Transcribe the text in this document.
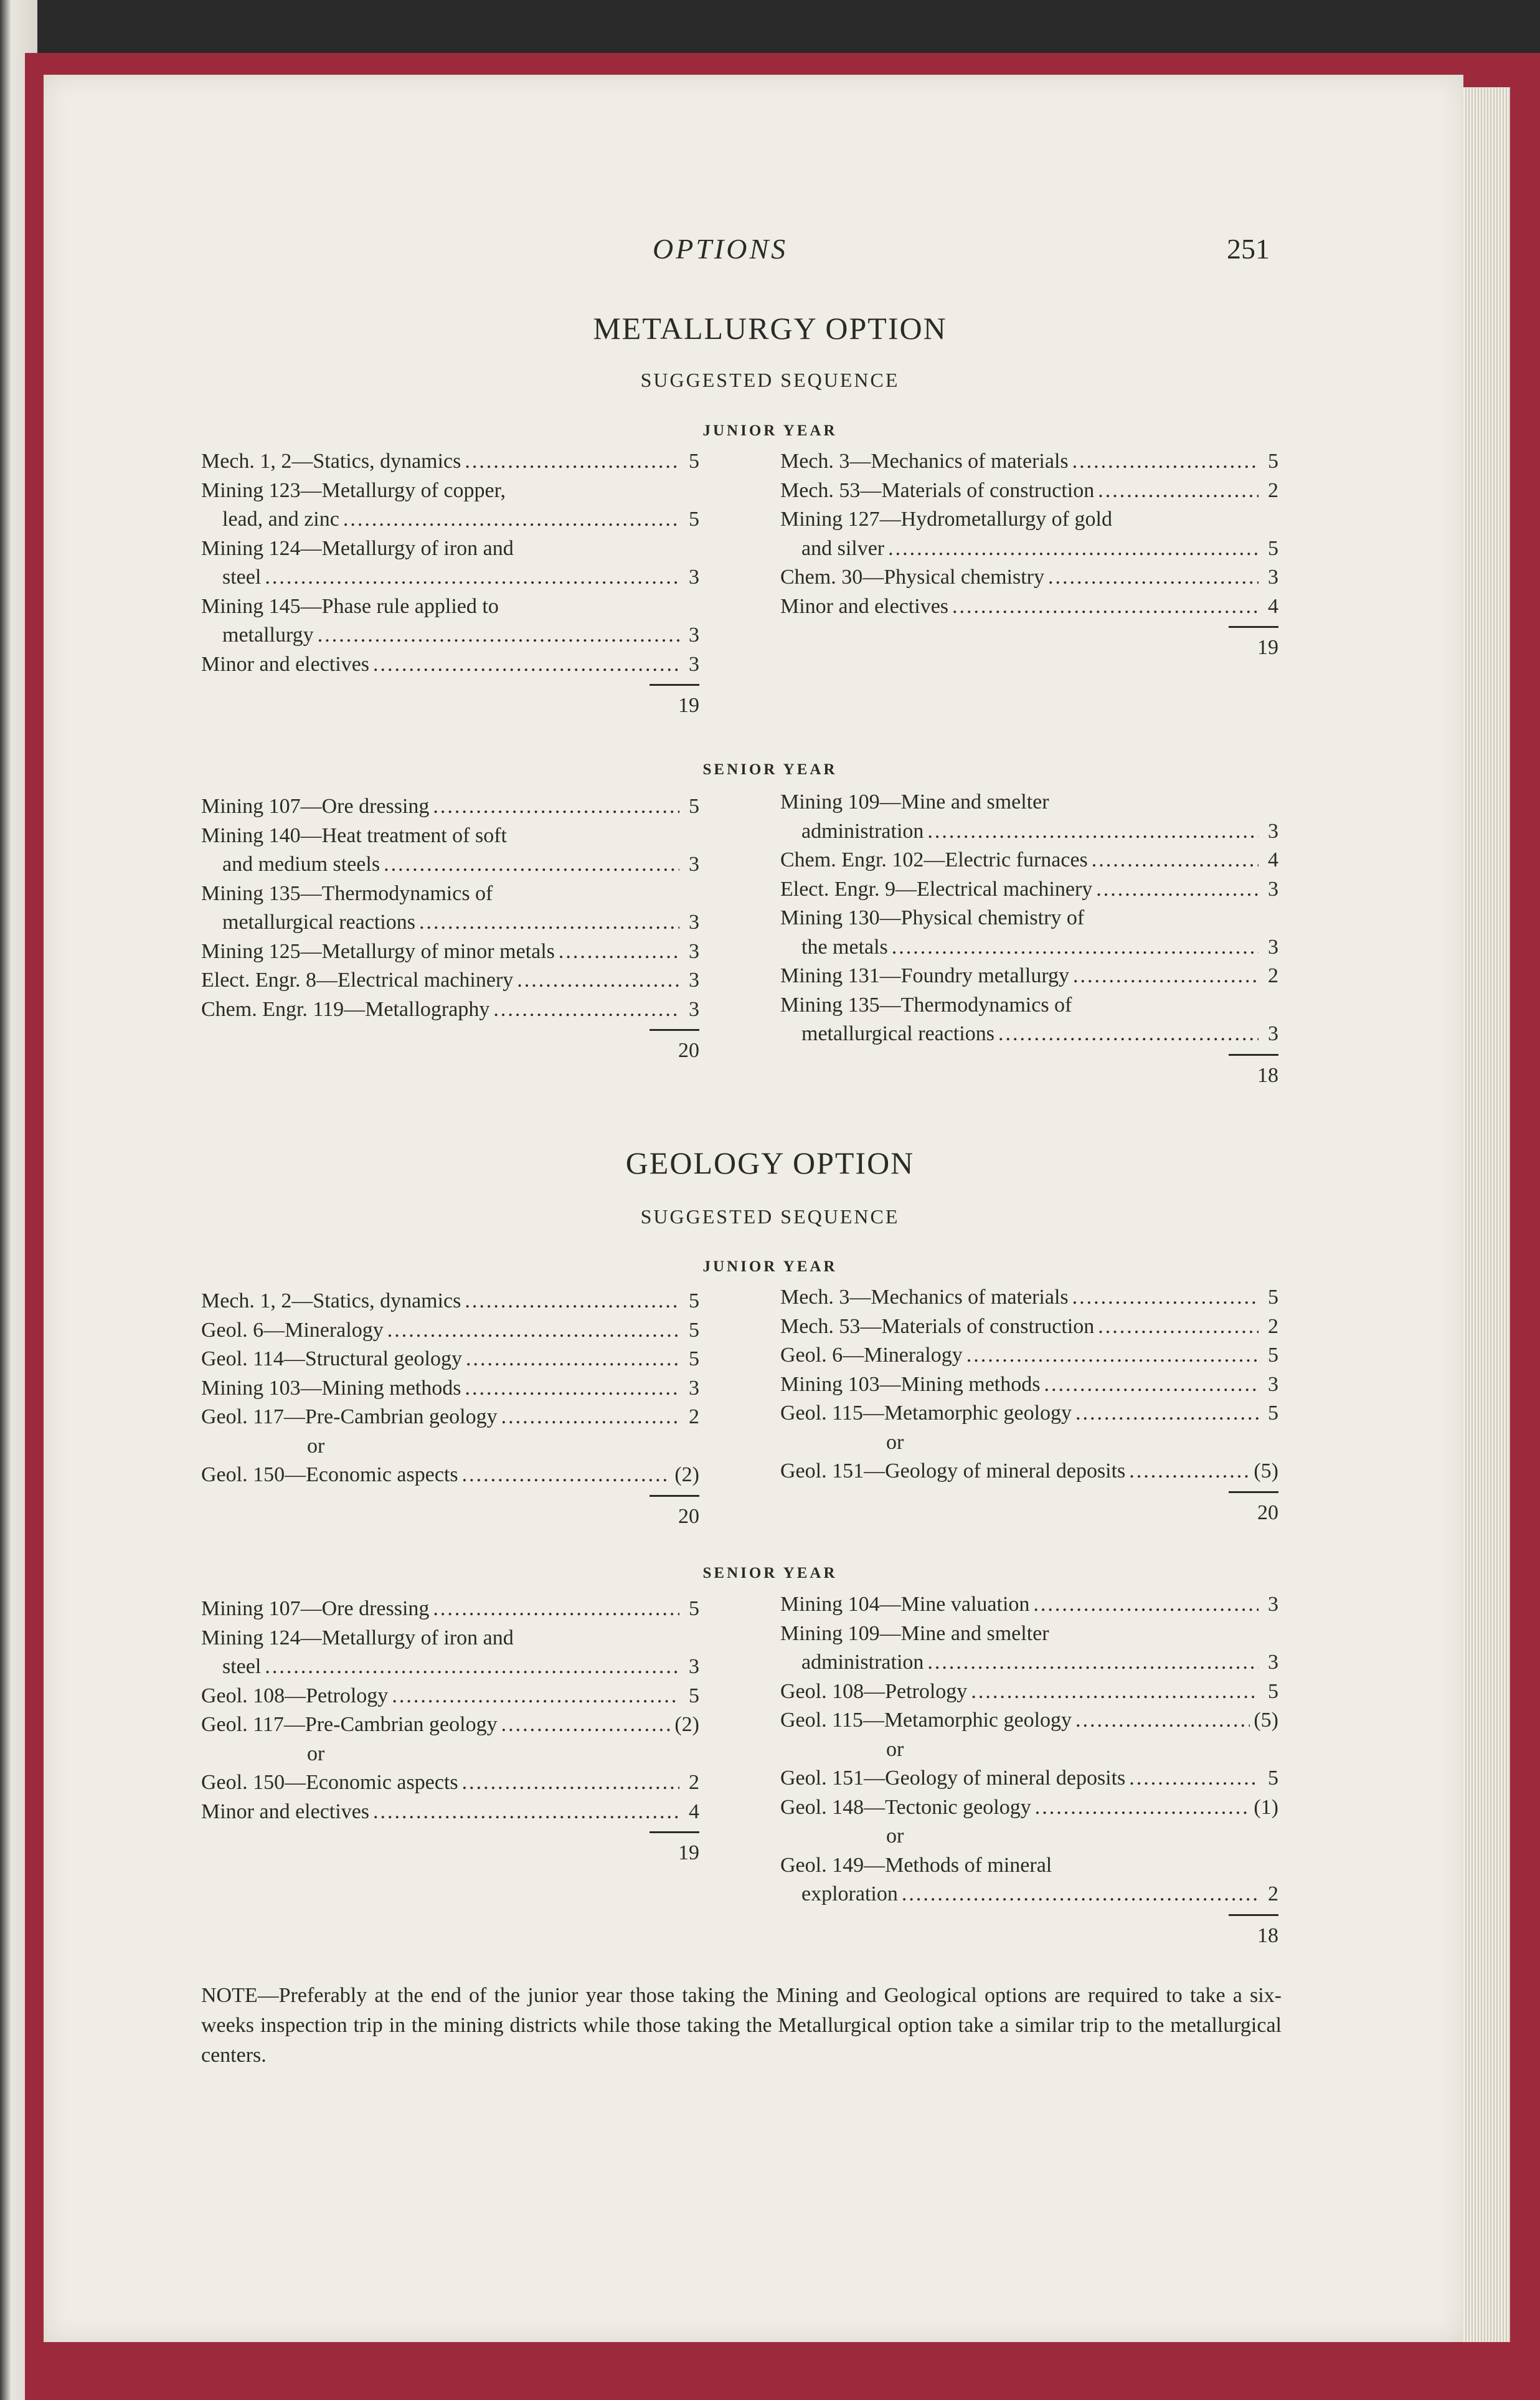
OPTIONS	251
METALLURGY OPTION
SUGGESTED SEQUENCE
JUNIOR YEAR
Mech. 1, 2—Statics, dynamics .....	5
Mining 123—Metallurgy of copper,
lead, and zinc .....	5
Mining 124—Metallurgy of iron and
steel .....	3
Mining 145—Phase rule applied to
metallurgy .....	3
Minor and electives .....	3
19
Mech. 3—Mechanics of materials .....	5
Mech. 53—Materials of construction .....	2
Mining 127—Hydrometallurgy of gold
and silver .....	5
Chem. 30—Physical chemistry .....	3
Minor and electives .....	4
19
SENIOR YEAR
Mining 107—Ore dressing .....	5
Mining 140—Heat treatment of soft
and medium steels .....	3
Mining 135—Thermodynamics of
metallurgical reactions .....	3
Mining 125—Metallurgy of minor metals .....	3
Elect. Engr. 8—Electrical machinery .....	3
Chem. Engr. 119—Metallography .....	3
20
Mining 109—Mine and smelter
administration .....	3
Chem. Engr. 102—Electric furnaces .....	4
Elect. Engr. 9—Electrical machinery .....	3
Mining 130—Physical chemistry of
the metals .....	3
Mining 131—Foundry metallurgy .....	2
Mining 135—Thermodynamics of
metallurgical reactions .....	3
18
GEOLOGY OPTION
SUGGESTED SEQUENCE
JUNIOR YEAR
Mech. 1, 2—Statics, dynamics .....	5
Geol. 6—Mineralogy .....	5
Geol. 114—Structural geology .....	5
Mining 103—Mining methods .....	3
Geol. 117—Pre-Cambrian geology .....	2
or
Geol. 150—Economic aspects .....	(2)
20
Mech. 3—Mechanics of materials .....	5
Mech. 53—Materials of construction .....	2
Geol. 6—Mineralogy .....	5
Mining 103—Mining methods .....	3
Geol. 115—Metamorphic geology .....	5
or
Geol. 151—Geology of mineral deposits .....	(5)
20
SENIOR YEAR
Mining 107—Ore dressing .....	5
Mining 124—Metallurgy of iron and
steel .....	3
Geol. 108—Petrology .....	5
Geol. 117—Pre-Cambrian geology .....	(2)
or
Geol. 150—Economic aspects .....	2
Minor and electives .....	4
19
Mining 104—Mine valuation .....	3
Mining 109—Mine and smelter
administration .....	3
Geol. 108—Petrology .....	5
Geol. 115—Metamorphic geology .....	(5)
or
Geol. 151—Geology of mineral deposits .....	5
Geol. 148—Tectonic geology .....	(1)
or
Geol. 149—Methods of mineral
exploration .....	2
18
NOTE—Preferably at the end of the junior year those taking the Mining and Geological options are required to take a six-weeks inspection trip in the mining districts while those taking the Metallurgical option take a similar trip to the metallurgical centers.
